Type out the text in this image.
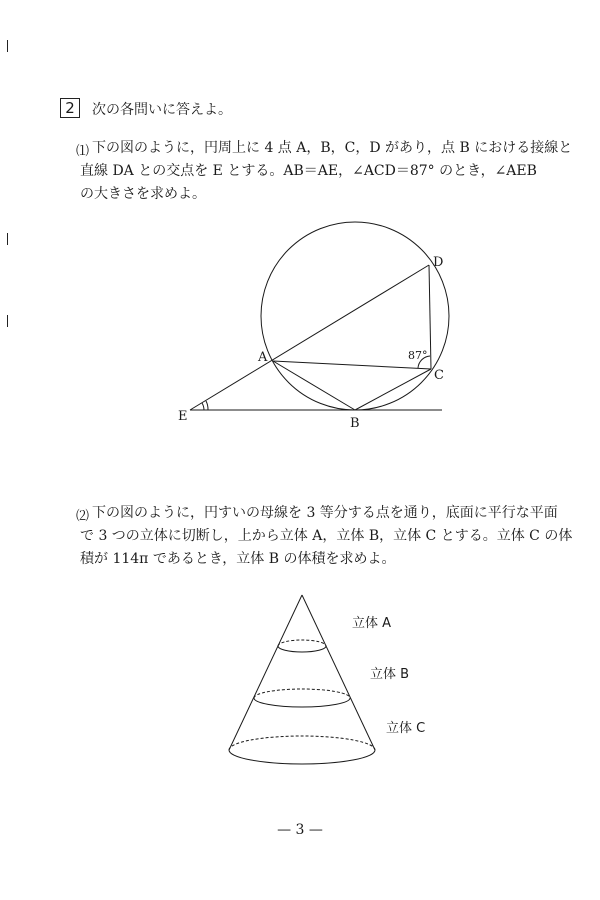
2	次の各問いに答えよ。
⑴ 下の図のように，円周上に 4 点 A，B，C，D があり，点 B における接線と
直線 DA との交点を E とする。AB＝AE，∠ACD＝87° のとき，∠AEB
の大きさを求めよ。
D
A
C
E	B
87°
⑵ 下の図のように，円すいの母線を 3 等分する点を通り，底面に平行な平面
で 3 つの立体に切断し，上から立体 A，立体 B，立体 C とする。立体 C の体
積が 114π であるとき，立体 B の体積を求めよ。
立体 A
立体 B
立体 C
— 3 —
